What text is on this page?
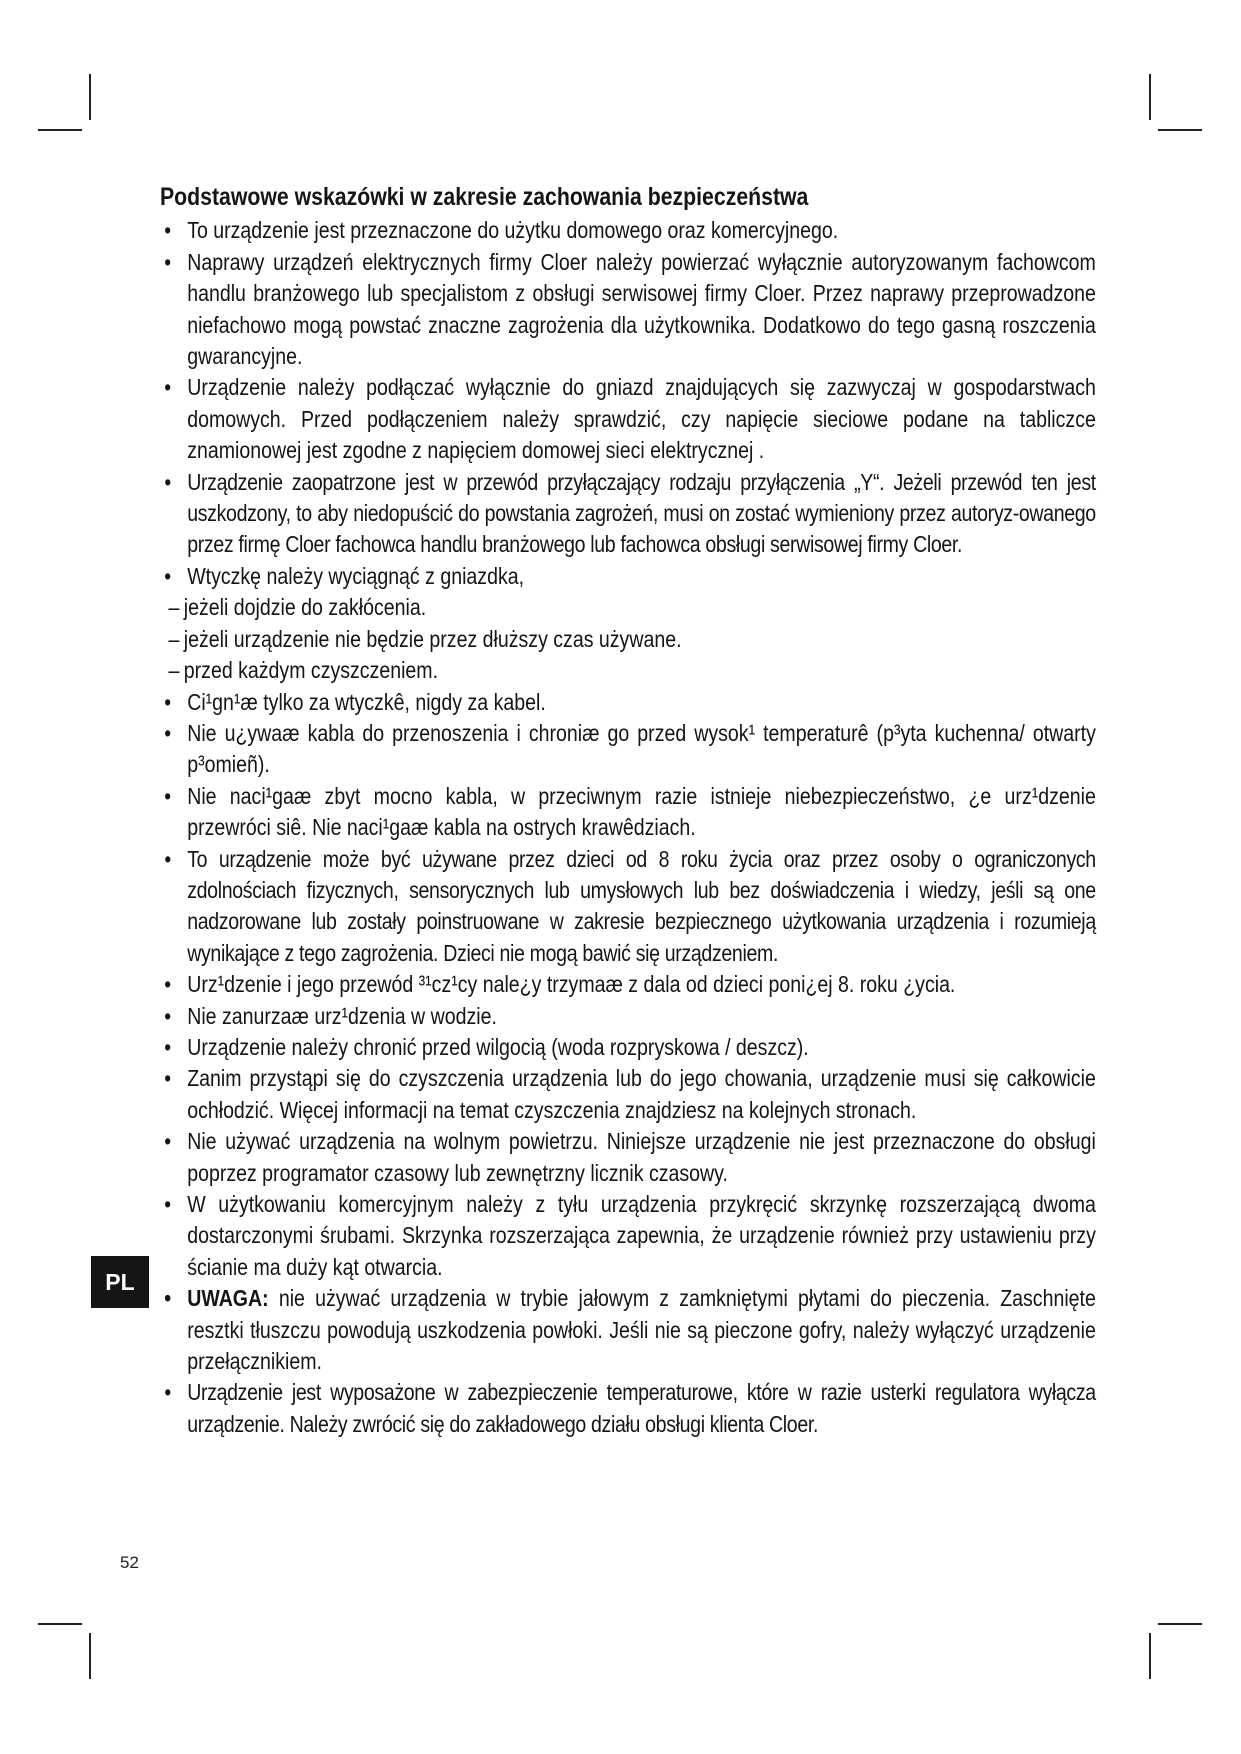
Podstawowe wskazówki w zakresie zachowania bezpieczeństwa
• To urządzenie jest przeznaczone do użytku domowego oraz komercyjnego.
• Naprawy urządzeń elektrycznych firmy Cloer należy powierzać wyłącznie autoryzowanym fachowcom handlu branżowego lub specjalistom z obsługi serwisowej firmy Cloer. Przez naprawy przeprowadzone niefachowo mogą powstać znaczne zagrożenia dla użytkownika. Dodatkowo do tego gasną roszczenia gwarancyjne.
• Urządzenie należy podłączać wyłącznie do gniazd znajdujących się zazwyczaj w gospodarstwach domowych. Przed podłączeniem należy sprawdzić, czy napięcie sieciowe podane na tabliczce znamionowej jest zgodne z napięciem domowej sieci elektrycznej .
• Urządzenie zaopatrzone jest w przewód przyłączający rodzaju przyłączenia „Y“. Jeżeli przewód ten jest uszkodzony, to aby niedopuścić do powstania zagrożeń, musi on zostać wymieniony przez autoryz-owanego przez firmę Cloer fachowca handlu branżowego lub fachowca obsługi serwisowej firmy Cloer.
• Wtyczkę należy wyciągnąć z gniazdka,
– jeżeli dojdzie do zakłócenia.
– jeżeli urządzenie nie będzie przez dłuższy czas używane.
– przed każdym czyszczeniem.
• Ci¹gn¹æ tylko za wtyczkê, nigdy za kabel.
• Nie u¿ywaæ kabla do przenoszenia i chroniæ go przed wysok¹ temperaturê (p³yta kuchenna/ otwarty p³omieñ).
• Nie naci¹gaæ zbyt mocno kabla, w przeciwnym razie istnieje niebezpieczeństwo, ¿e urz¹dzenie przewróci siê. Nie naci¹gaæ kabla na ostrych krawêdziach.
• To urządzenie może być używane przez dzieci od 8 roku życia oraz przez osoby o ograniczonych zdolnościach fizycznych, sensorycznych lub umysłowych lub bez doświadczenia i wiedzy, jeśli są one nadzorowane lub zostały poinstruowane w zakresie bezpiecznego użytkowania urządzenia i rozumieją wynikające z tego zagrożenia. Dzieci nie mogą bawić się urządzeniem.
• Urz¹dzenie i jego przewód ³¹cz¹cy nale¿y trzymaæ z dala od dzieci poni¿ej 8. roku ¿ycia.
• Nie zanurzaæ urz¹dzenia w wodzie.
• Urządzenie należy chronić przed wilgocią (woda rozpryskowa / deszcz).
• Zanim przystąpi się do czyszczenia urządzenia lub do jego chowania, urządzenie musi się całkowicie ochłodzić. Więcej informacji na temat czyszczenia znajdziesz na kolejnych stronach.
• Nie używać urządzenia na wolnym powietrzu. Niniejsze urządzenie nie jest przeznaczone do obsługi poprzez programator czasowy lub zewnętrzny licznik czasowy.
• W użytkowaniu komercyjnym należy z tyłu urządzenia przykręcić skrzynkę rozszerzającą dwoma dostarczonymi śrubami. Skrzynka rozszerzająca zapewnia, że urządzenie również przy ustawieniu przy ścianie ma duży kąt otwarcia.
• UWAGA: nie używać urządzenia w trybie jałowym z zamkniętymi płytami do pieczenia. Zaschnięte resztki tłuszczu powodują uszkodzenia powłoki. Jeśli nie są pieczone gofry, należy wyłączyć urządzenie przełącznikiem.
• Urządzenie jest wyposażone w zabezpieczenie temperaturowe, które w razie usterki regulatora wyłącza urządzenie. Należy zwrócić się do zakładowego działu obsługi klienta Cloer.
PL
52
